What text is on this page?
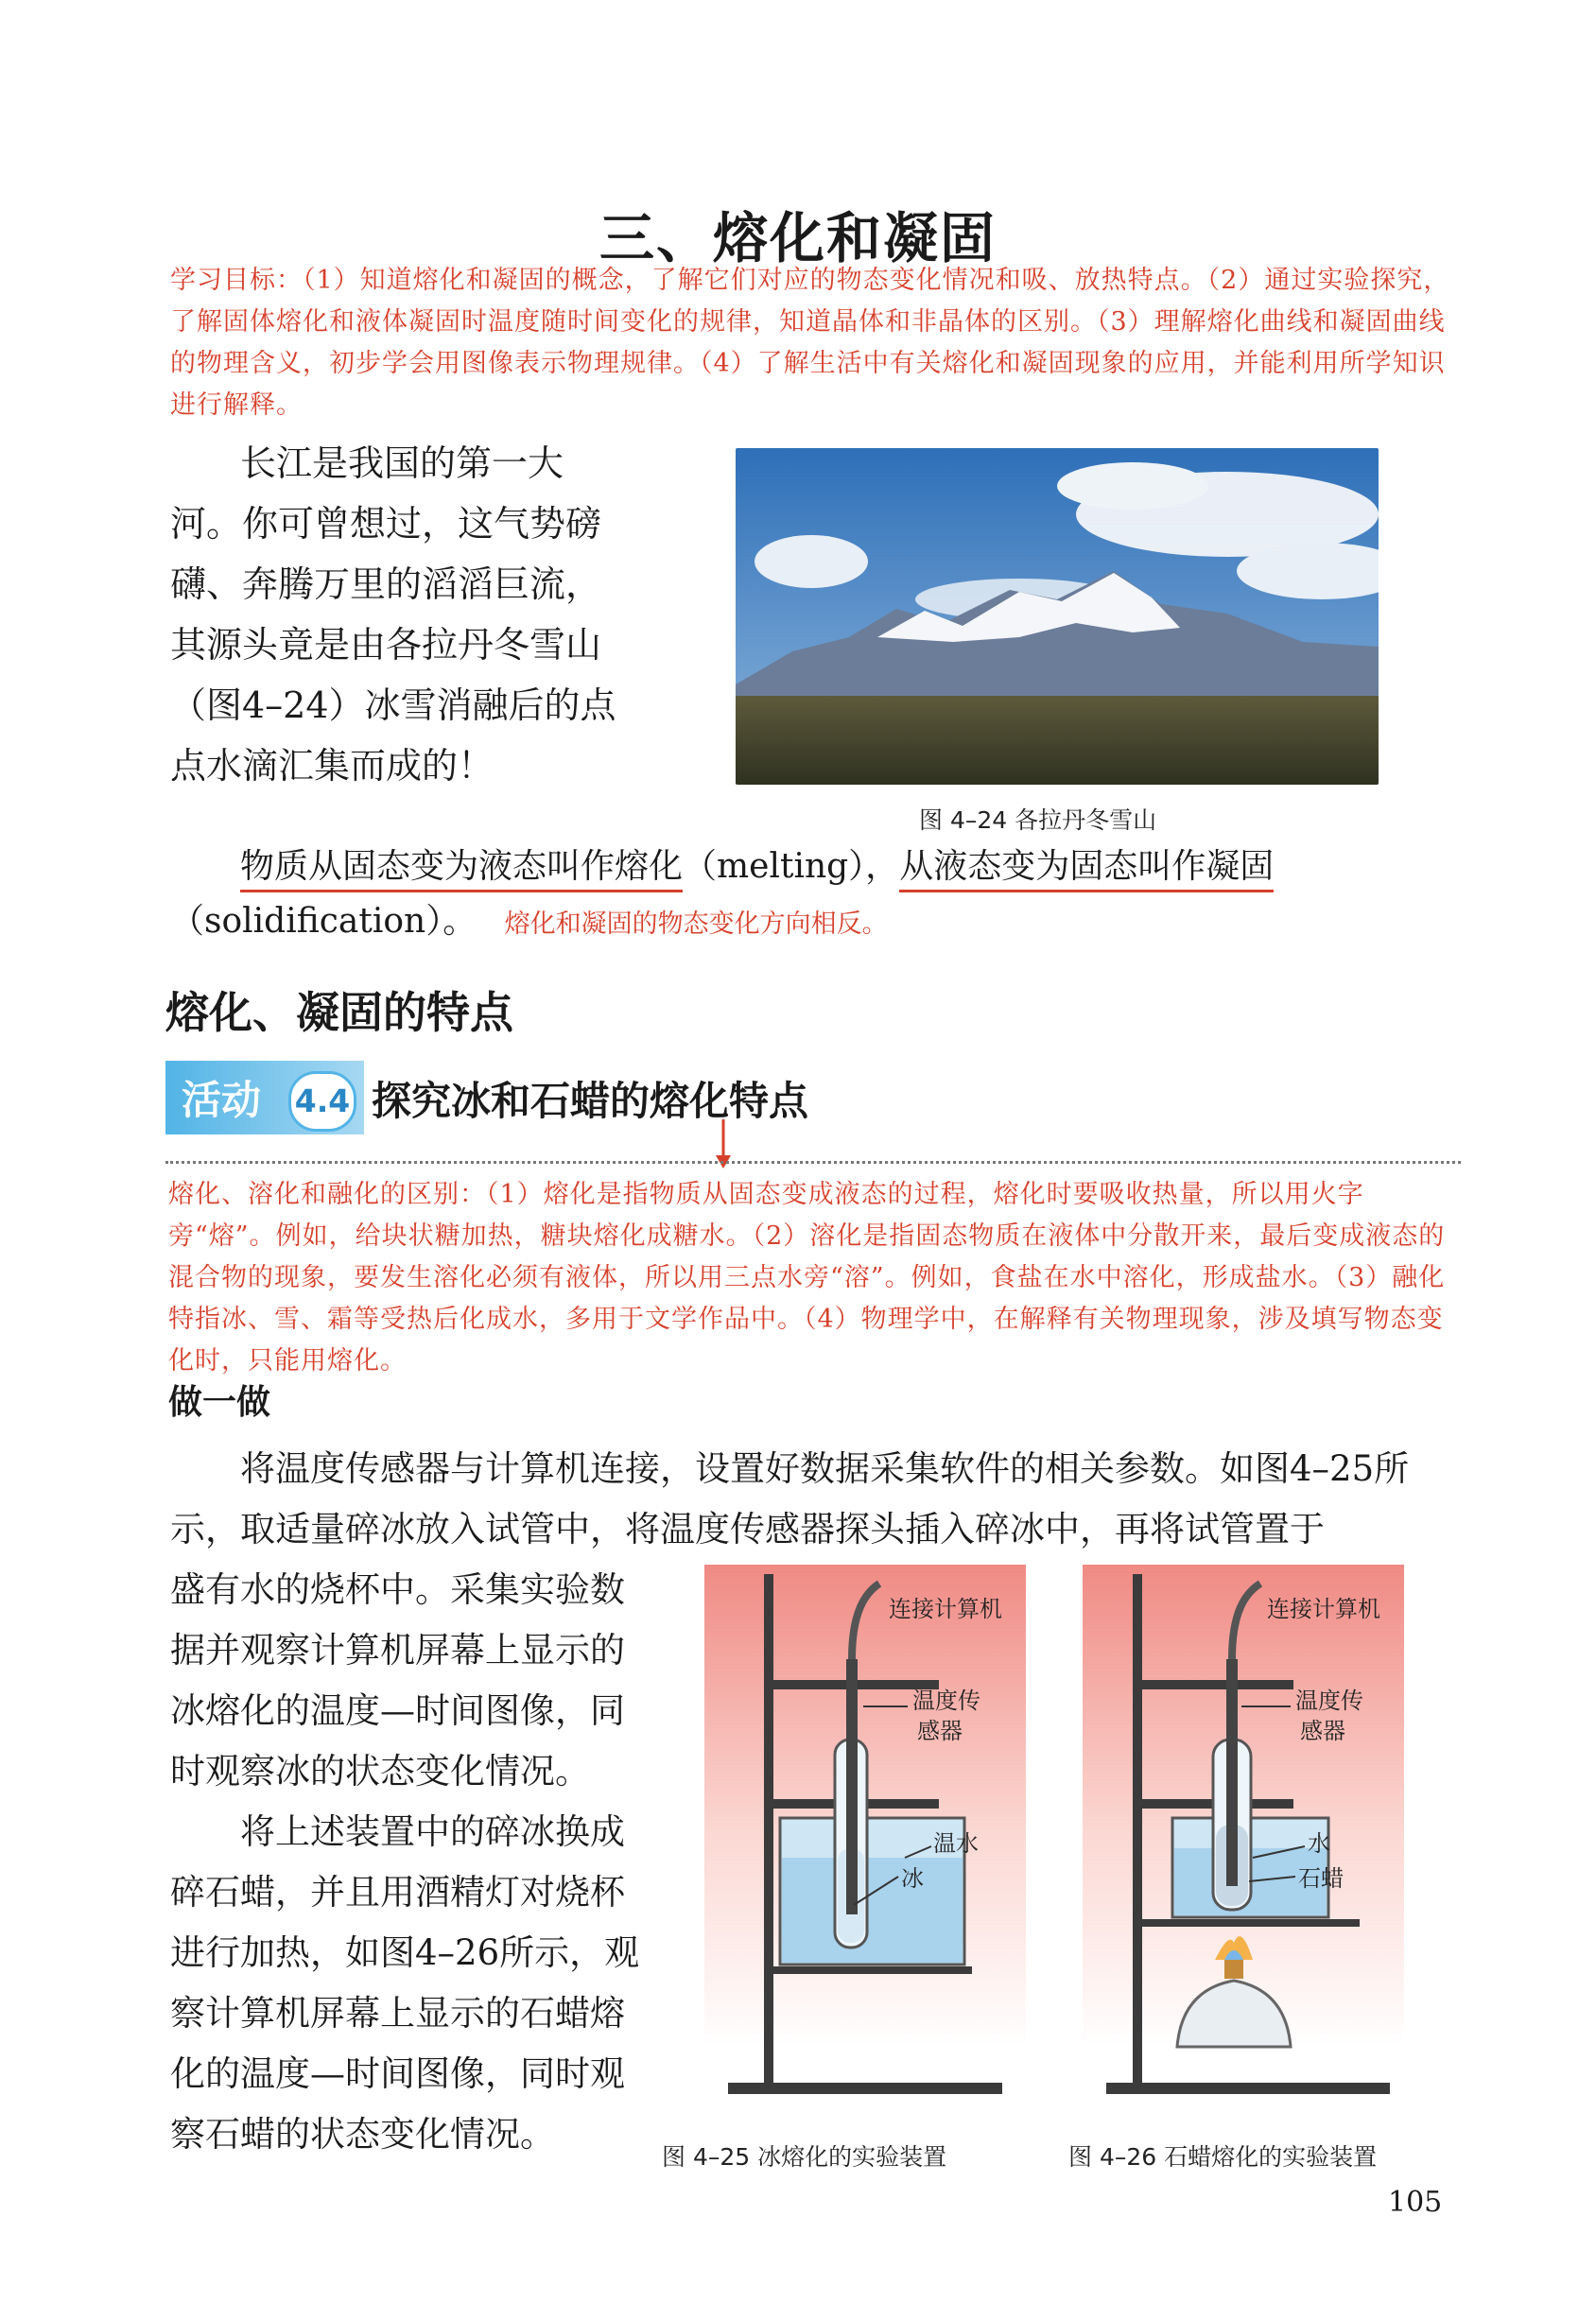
三、熔化和凝固
学习目标：（1）知道熔化和凝固的概念，了解它们对应的物态变化情况和吸、放热特点。（2）通过实验探究，了解固体熔化和液体凝固时温度随时间变化的规律，知道晶体和非晶体的区别。（3）理解熔化曲线和凝固曲线的物理含义，初步学会用图像表示物理规律。（4）了解生活中有关熔化和凝固现象的应用，并能利用所学知识进行解释。

长江是我国的第一大

河。你可曾想过，这气势磅

礴、奔腾万里的滔滔巨流，

其源头竟是由各拉丹冬雪山

（图4–24）冰雪消融后的点

点水滴汇集而成的！

图 4–24 各拉丹冬雪山
物质从固态变为液态叫作熔化（melting），从液态变为固态叫作凝固
（solidification）。 熔化和凝固的物态变化方向相反。
熔化、凝固的特点
活动 4.4 探究冰和石蜡的熔化特点
熔化、溶化和融化的区别：（1）熔化是指物质从固态变成液态的过程，熔化时要吸收热量，所以用火字旁“熔”。例如，给块状糖加热，糖块熔化成糖水。（2）溶化是指固态物质在液体中分散开来，最后变成液态的混合物的现象，要发生溶化必须有液体，所以用三点水旁“溶”。例如，食盐在水中溶化，形成盐水。（3）融化特指冰、雪、霜等受热后化成水，多用于文学作品中。（4）物理学中，在解释有关物理现象，涉及填写物态变化时，只能用熔化。
做一做
将温度传感器与计算机连接，设置好数据采集软件的相关参数。如图4–25所示，取适量碎冰放入试管中，将温度传感器探头插入碎冰中，再将试管置于
盛有水的烧杯中。采集实验数
据并观察计算机屏幕上显示的
冰熔化的温度—时间图像，同
时观察冰的状态变化情况。
将上述装置中的碎冰换成
碎石蜡，并且用酒精灯对烧杯
进行加热，如图4–26所示，观
察计算机屏幕上显示的石蜡熔
化的温度—时间图像，同时观
察石蜡的状态变化情况。
连接计算机
温度传
感器
温水
冰
图 4–25 冰熔化的实验装置
连接计算机
温度传
感器
水
石蜡
图 4–26 石蜡熔化的实验装置
105
